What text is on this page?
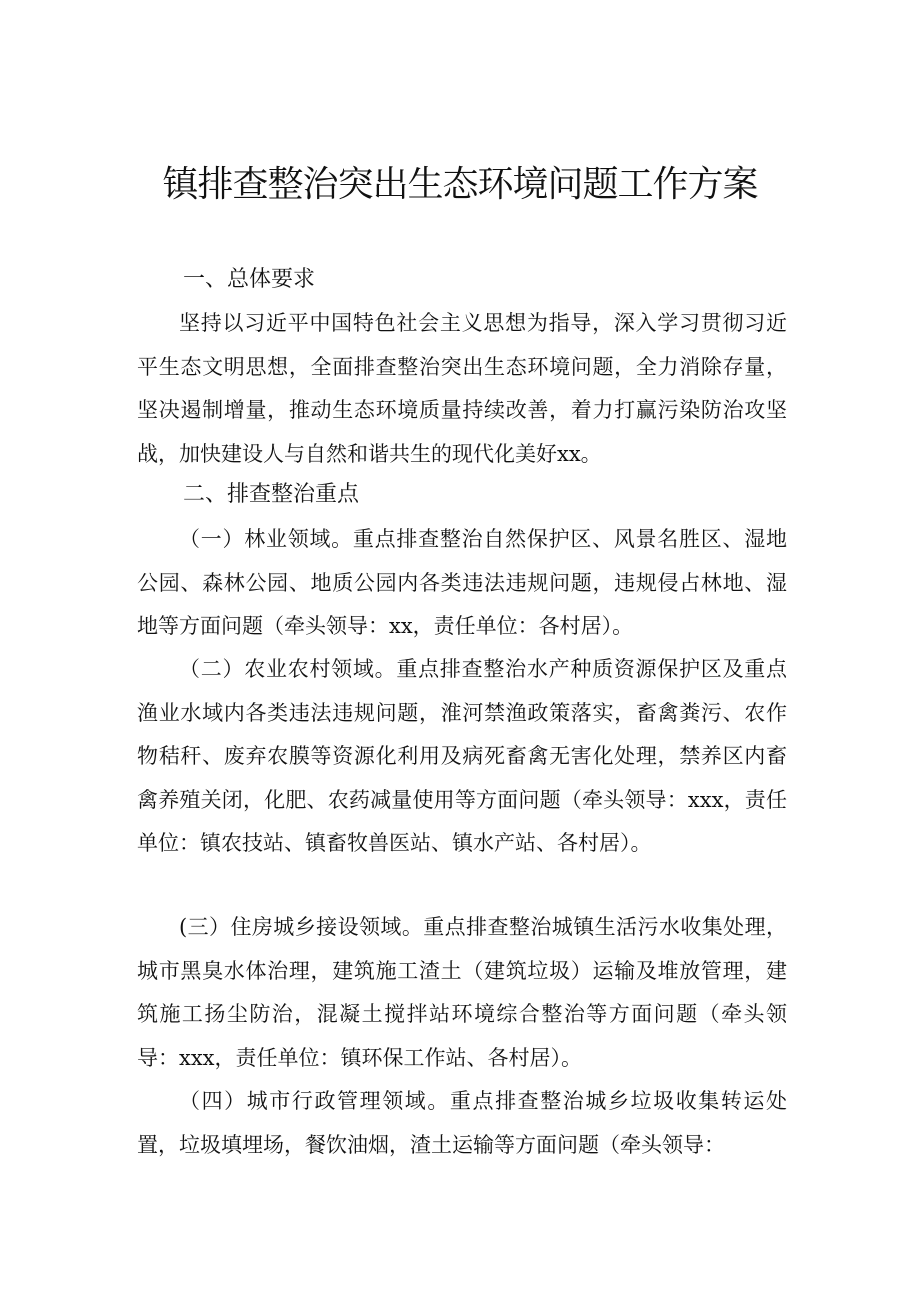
镇排查整治突出生态环境问题工作方案
一、总体要求

坚持以习近平中国特色社会主义思想为指导，深入学习贯彻习近平生态文明思想，全面排查整治突出生态环境问题，全力消除存量，坚决遏制增量，推动生态环境质量持续改善，着力打赢污染防治攻坚战，加快建设人与自然和谐共生的现代化美好xx。

二、排查整治重点

（一）林业领域。重点排查整治自然保护区、风景名胜区、湿地公园、森林公园、地质公园内各类违法违规问题，违规侵占林地、湿地等方面问题（牵头领导：xx，责任单位：各村居）。

（二）农业农村领域。重点排查整治水产种质资源保护区及重点渔业水域内各类违法违规问题，淮河禁渔政策落实，畜禽粪污、农作物秸秆、废弃农膜等资源化利用及病死畜禽无害化处理，禁养区内畜禽养殖关闭，化肥、农药减量使用等方面问题（牵头领导：xxx，责任单位：镇农技站、镇畜牧兽医站、镇水产站、各村居）。

(三）住房城乡接设领域。重点排查整治城镇生活污水收集处理，城市黑臭水体治理，建筑施工渣土（建筑垃圾）运输及堆放管理，建筑施工扬尘防治，混凝土搅拌站环境综合整治等方面问题（牵头领导：xxx，责任单位：镇环保工作站、各村居）。

（四）城市行政管理领域。重点排查整治城乡垃圾收集转运处置，垃圾填埋场，餐饮油烟，渣土运输等方面问题（牵头领导：
